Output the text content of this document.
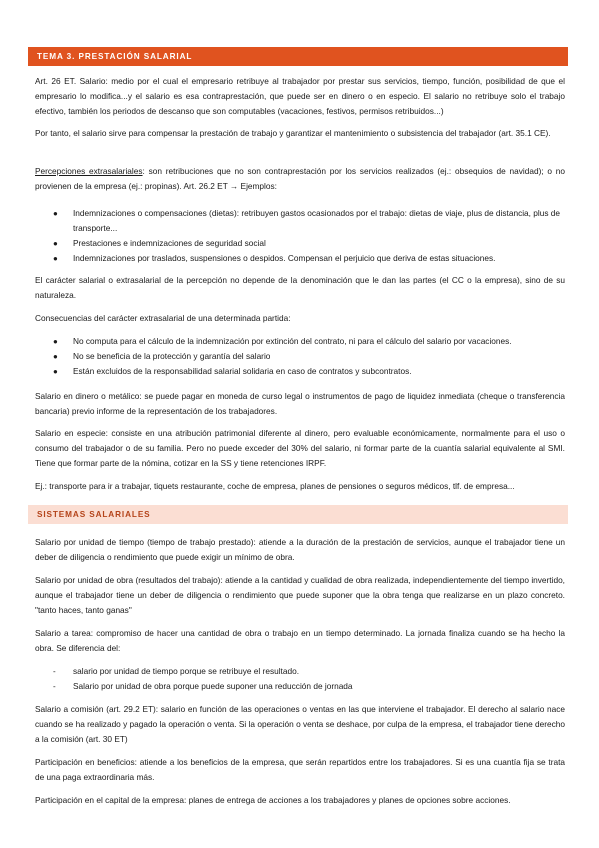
TEMA 3. PRESTACIÓN SALARIAL

Art. 26 ET. Salario: medio por el cual el empresario retribuye al trabajador por prestar sus servicios, tiempo, función, posibilidad de que el empresario lo modifica...y el salario es esa contraprestación, que puede ser en dinero o en especio. El salario no retribuye solo el trabajo efectivo, también los periodos de descanso que son computables (vacaciones, festivos, permisos retribuidos...)

Por tanto, el salario sirve para compensar la prestación de trabajo y garantizar el mantenimiento o subsistencia del trabajador (art. 35.1 CE).

Percepciones extrasalariales: son retribuciones que no son contraprestación por los servicios realizados (ej.: obsequios de navidad); o no provienen de la empresa (ej.: propinas). Art. 26.2 ET → Ejemplos:

● Indemnizaciones o compensaciones (dietas): retribuyen gastos ocasionados por el trabajo: dietas de viaje, plus de distancia, plus de transporte...
● Prestaciones e indemnizaciones de seguridad social
● Indemnizaciones por traslados, suspensiones o despidos. Compensan el perjuicio que deriva de estas situaciones.

El carácter salarial o extrasalarial de la percepción no depende de la denominación que le dan las partes (el CC o la empresa), sino de su naturaleza.

Consecuencias del carácter extrasalarial de una determinada partida:

● No computa para el cálculo de la indemnización por extinción del contrato, ni para el cálculo del salario por vacaciones.
● No se beneficia de la protección y garantía del salario
● Están excluidos de la responsabilidad salarial solidaria en caso de contratos y subcontratos.

Salario en dinero o metálico: se puede pagar en moneda de curso legal o instrumentos de pago de liquidez inmediata (cheque o transferencia bancaria) previo informe de la representación de los trabajadores.

Salario en especie: consiste en una atribución patrimonial diferente al dinero, pero evaluable económicamente, normalmente para el uso o consumo del trabajador o de su familia. Pero no puede exceder del 30% del salario, ni formar parte de la cuantía salarial equivalente al SMI. Tiene que formar parte de la nómina, cotizar en la SS y tiene retenciones IRPF.

Ej.: transporte para ir a trabajar, tiquets restaurante, coche de empresa, planes de pensiones o seguros médicos, tlf. de empresa...

SISTEMAS SALARIALES

Salario por unidad de tiempo (tiempo de trabajo prestado): atiende a la duración de la prestación de servicios, aunque el trabajador tiene un deber de diligencia o rendimiento que puede exigir un mínimo de obra.

Salario por unidad de obra (resultados del trabajo): atiende a la cantidad y cualidad de obra realizada, independientemente del tiempo invertido, aunque el trabajador tiene un deber de diligencia o rendimiento que puede suponer que la obra tenga que realizarse en un plazo concreto. "tanto haces, tanto ganas"

Salario a tarea: compromiso de hacer una cantidad de obra o trabajo en un tiempo determinado. La jornada finaliza cuando se ha hecho la obra. Se diferencia del:

- salario por unidad de tiempo porque se retribuye el resultado.
- Salario por unidad de obra porque puede suponer una reducción de jornada

Salario a comisión (art. 29.2 ET): salario en función de las operaciones o ventas en las que interviene el trabajador. El derecho al salario nace cuando se ha realizado y pagado la operación o venta. Si la operación o venta se deshace, por culpa de la empresa, el trabajador tiene derecho a la comisión (art. 30 ET)

Participación en beneficios: atiende a los beneficios de la empresa, que serán repartidos entre los trabajadores. Si es una cuantía fija se trata de una paga extraordinaria más.

Participación en el capital de la empresa: planes de entrega de acciones a los trabajadores y planes de opciones sobre acciones.
